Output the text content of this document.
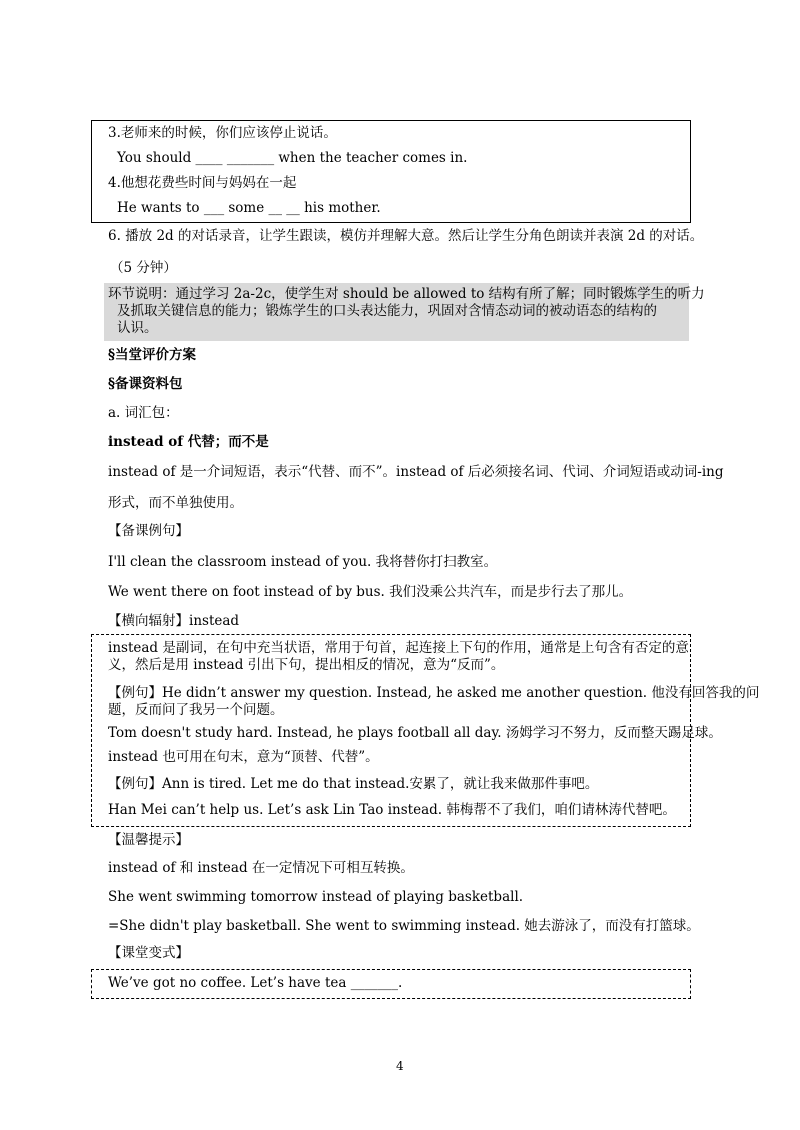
3.老师来的时候，你们应该停止说话。
You should ____ _______ when the teacher comes in.
4.他想花费些时间与妈妈在一起
He wants to ___ some __ __ his mother.
6. 播放 2d 的对话录音，让学生跟读，模仿并理解大意。然后让学生分角色朗读并表演 2d 的对话。
（5 分钟）
环节说明：通过学习 2a-2c，使学生对 should be allowed to 结构有所了解；同时锻炼学生的听力
及抓取关键信息的能力；锻炼学生的口头表达能力，巩固对含情态动词的被动语态的结构的
认识。
§当堂评价方案
§备课资料包
a. 词汇包：
instead of 代替；而不是
instead of 是一介词短语，表示“代替、而不”。instead of 后必须接名词、代词、介词短语或动词-ing
形式，而不单独使用。
【备课例句】
I'll clean the classroom instead of you. 我将替你打扫教室。
We went there on foot instead of by bus. 我们没乘公共汽车，而是步行去了那儿。
【横向辐射】instead
instead 是副词，在句中充当状语，常用于句首，起连接上下句的作用，通常是上句含有否定的意
义，然后是用 instead 引出下句，提出相反的情况，意为“反而”。
【例句】He didn’t answer my question. Instead, he asked me another question. 他没有回答我的问
题，反而问了我另一个问题。
Tom doesn't study hard. Instead, he plays football all day. 汤姆学习不努力，反而整天踢足球。
instead 也可用在句末，意为“顶替、代替”。
【例句】Ann is tired. Let me do that instead.安累了，就让我来做那件事吧。
Han Mei can’t help us. Let’s ask Lin Tao instead. 韩梅帮不了我们，咱们请林涛代替吧。
【温馨提示】
instead of 和 instead 在一定情况下可相互转换。
She went swimming tomorrow instead of playing basketball.
=She didn't play basketball. She went to swimming instead. 她去游泳了，而没有打篮球。
【课堂变式】
We’ve got no coffee. Let’s have tea _______.
4
